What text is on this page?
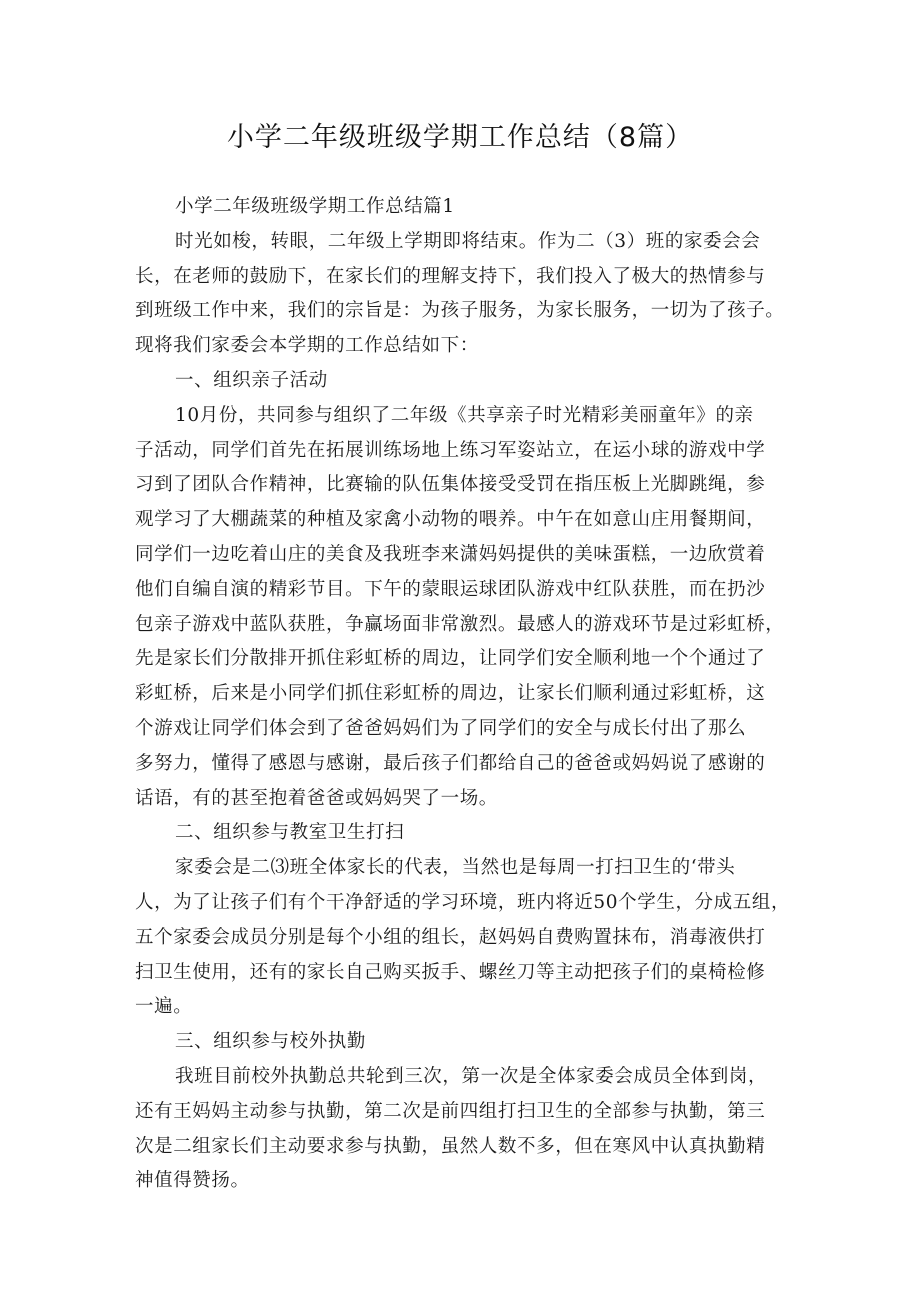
小学二年级班级学期工作总结（8篇）

小学二年级班级学期工作总结篇1

时光如梭，转眼，二年级上学期即将结束。作为二（3）班的家委会会

长，在老师的鼓励下，在家长们的理解支持下，我们投入了极大的热情参与

到班级工作中来，我们的宗旨是：为孩子服务，为家长服务，一切为了孩子。

现将我们家委会本学期的工作总结如下：

一、组织亲子活动

10月份，共同参与组织了二年级《共享亲子时光精彩美丽童年》的亲

子活动，同学们首先在拓展训练场地上练习军姿站立，在运小球的游戏中学

习到了团队合作精神，比赛输的队伍集体接受受罚在指压板上光脚跳绳，参

观学习了大棚蔬菜的种植及家禽小动物的喂养。中午在如意山庄用餐期间，

同学们一边吃着山庄的美食及我班李来潇妈妈提供的美味蛋糕，一边欣赏着

他们自编自演的精彩节目。下午的蒙眼运球团队游戏中红队获胜，而在扔沙

包亲子游戏中蓝队获胜，争赢场面非常激烈。最感人的游戏环节是过彩虹桥，

先是家长们分散排开抓住彩虹桥的周边，让同学们安全顺利地一个个通过了

彩虹桥，后来是小同学们抓住彩虹桥的周边，让家长们顺利通过彩虹桥，这

个游戏让同学们体会到了爸爸妈妈们为了同学们的安全与成长付出了那么

多努力，懂得了感恩与感谢，最后孩子们都给自己的爸爸或妈妈说了感谢的

话语，有的甚至抱着爸爸或妈妈哭了一场。

二、组织参与教室卫生打扫

家委会是二⑶班全体家长的代表，当然也是每周一打扫卫生的‘带头

人，为了让孩子们有个干净舒适的学习环境，班内将近50个学生，分成五组，

五个家委会成员分别是每个小组的组长，赵妈妈自费购置抹布，消毒液供打

扫卫生使用，还有的家长自己购买扳手、螺丝刀等主动把孩子们的桌椅检修

一遍。

三、组织参与校外执勤

我班目前校外执勤总共轮到三次，第一次是全体家委会成员全体到岗，

还有王妈妈主动参与执勤，第二次是前四组打扫卫生的全部参与执勤，第三

次是二组家长们主动要求参与执勤，虽然人数不多，但在寒风中认真执勤精

神值得赞扬。
